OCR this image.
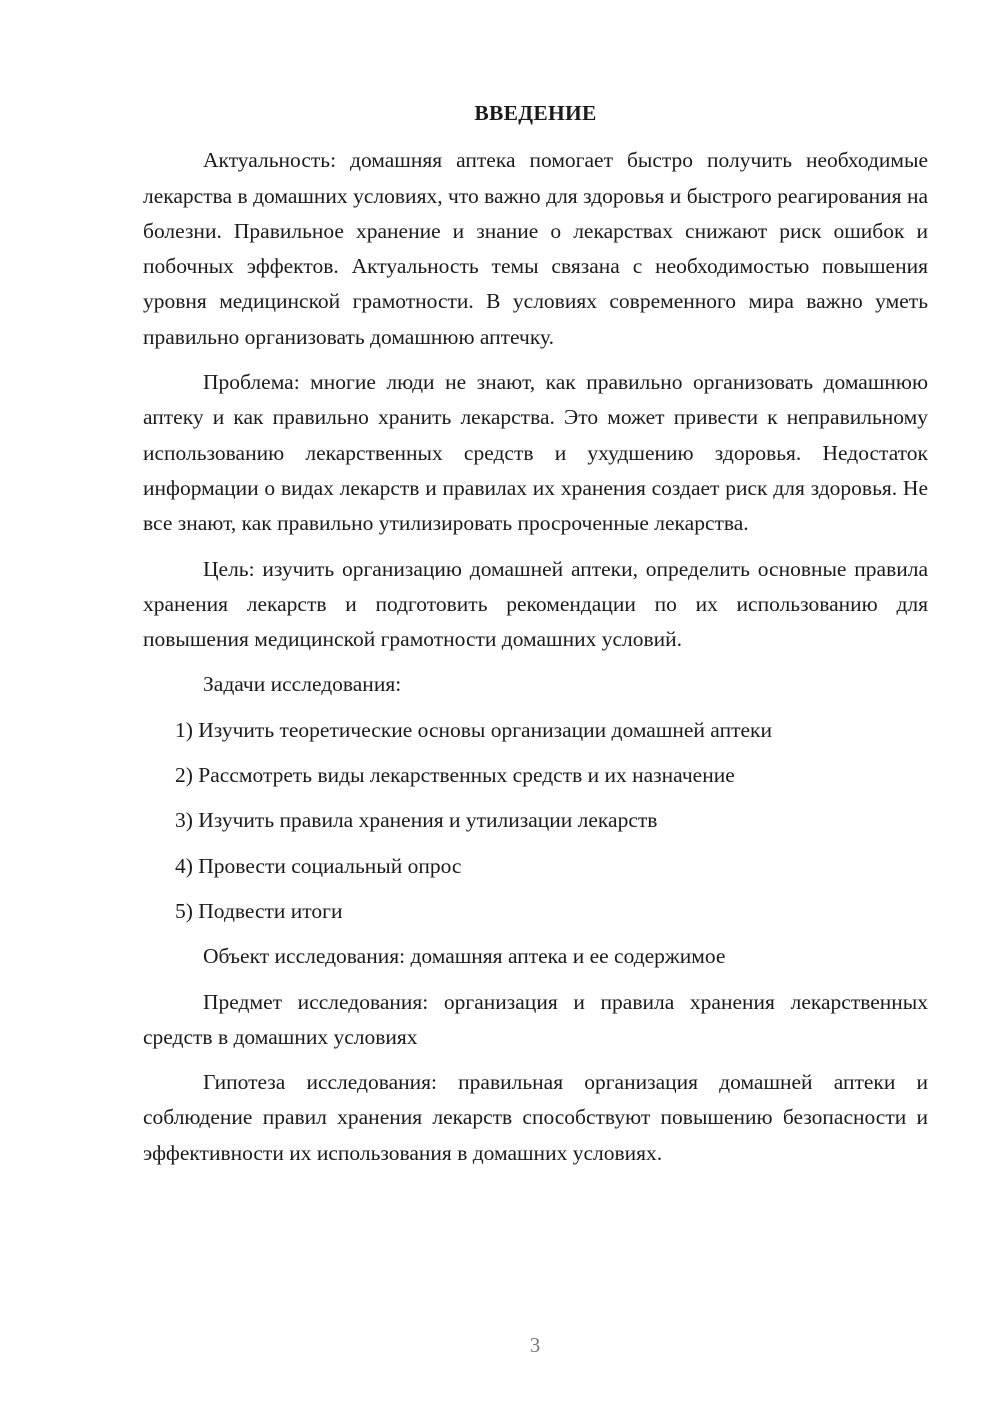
ВВЕДЕНИЕ

Актуальность: домашняя аптека помогает быстро получить необходимые лекарства в домашних условиях, что важно для здоровья и быстрого реагирования на болезни. Правильное хранение и знание о лекарствах снижают риск ошибок и побочных эффектов. Актуальность темы связана с необходимостью повышения уровня медицинской грамотности. В условиях современного мира важно уметь правильно организовать домашнюю аптечку.

Проблема: многие люди не знают, как правильно организовать домашнюю аптеку и как правильно хранить лекарства. Это может привести к неправильному использованию лекарственных средств и ухудшению здоровья. Недостаток информации о видах лекарств и правилах их хранения создает риск для здоровья. Не все знают, как правильно утилизировать просроченные лекарства.

Цель: изучить организацию домашней аптеки, определить основные правила хранения лекарств и подготовить рекомендации по их использованию для повышения медицинской грамотности домашних условий.

Задачи исследования:

1) Изучить теоретические основы организации домашней аптеки
2) Рассмотреть виды лекарственных средств и их назначение
3) Изучить правила хранения и утилизации лекарств
4) Провести социальный опрос
5) Подвести итоги

Объект исследования: домашняя аптека и ее содержимое

Предмет исследования: организация и правила хранения лекарственных средств в домашних условиях

Гипотеза исследования: правильная организация домашней аптеки и соблюдение правил хранения лекарств способствуют повышению безопасности и эффективности их использования в домашних условиях.

3
